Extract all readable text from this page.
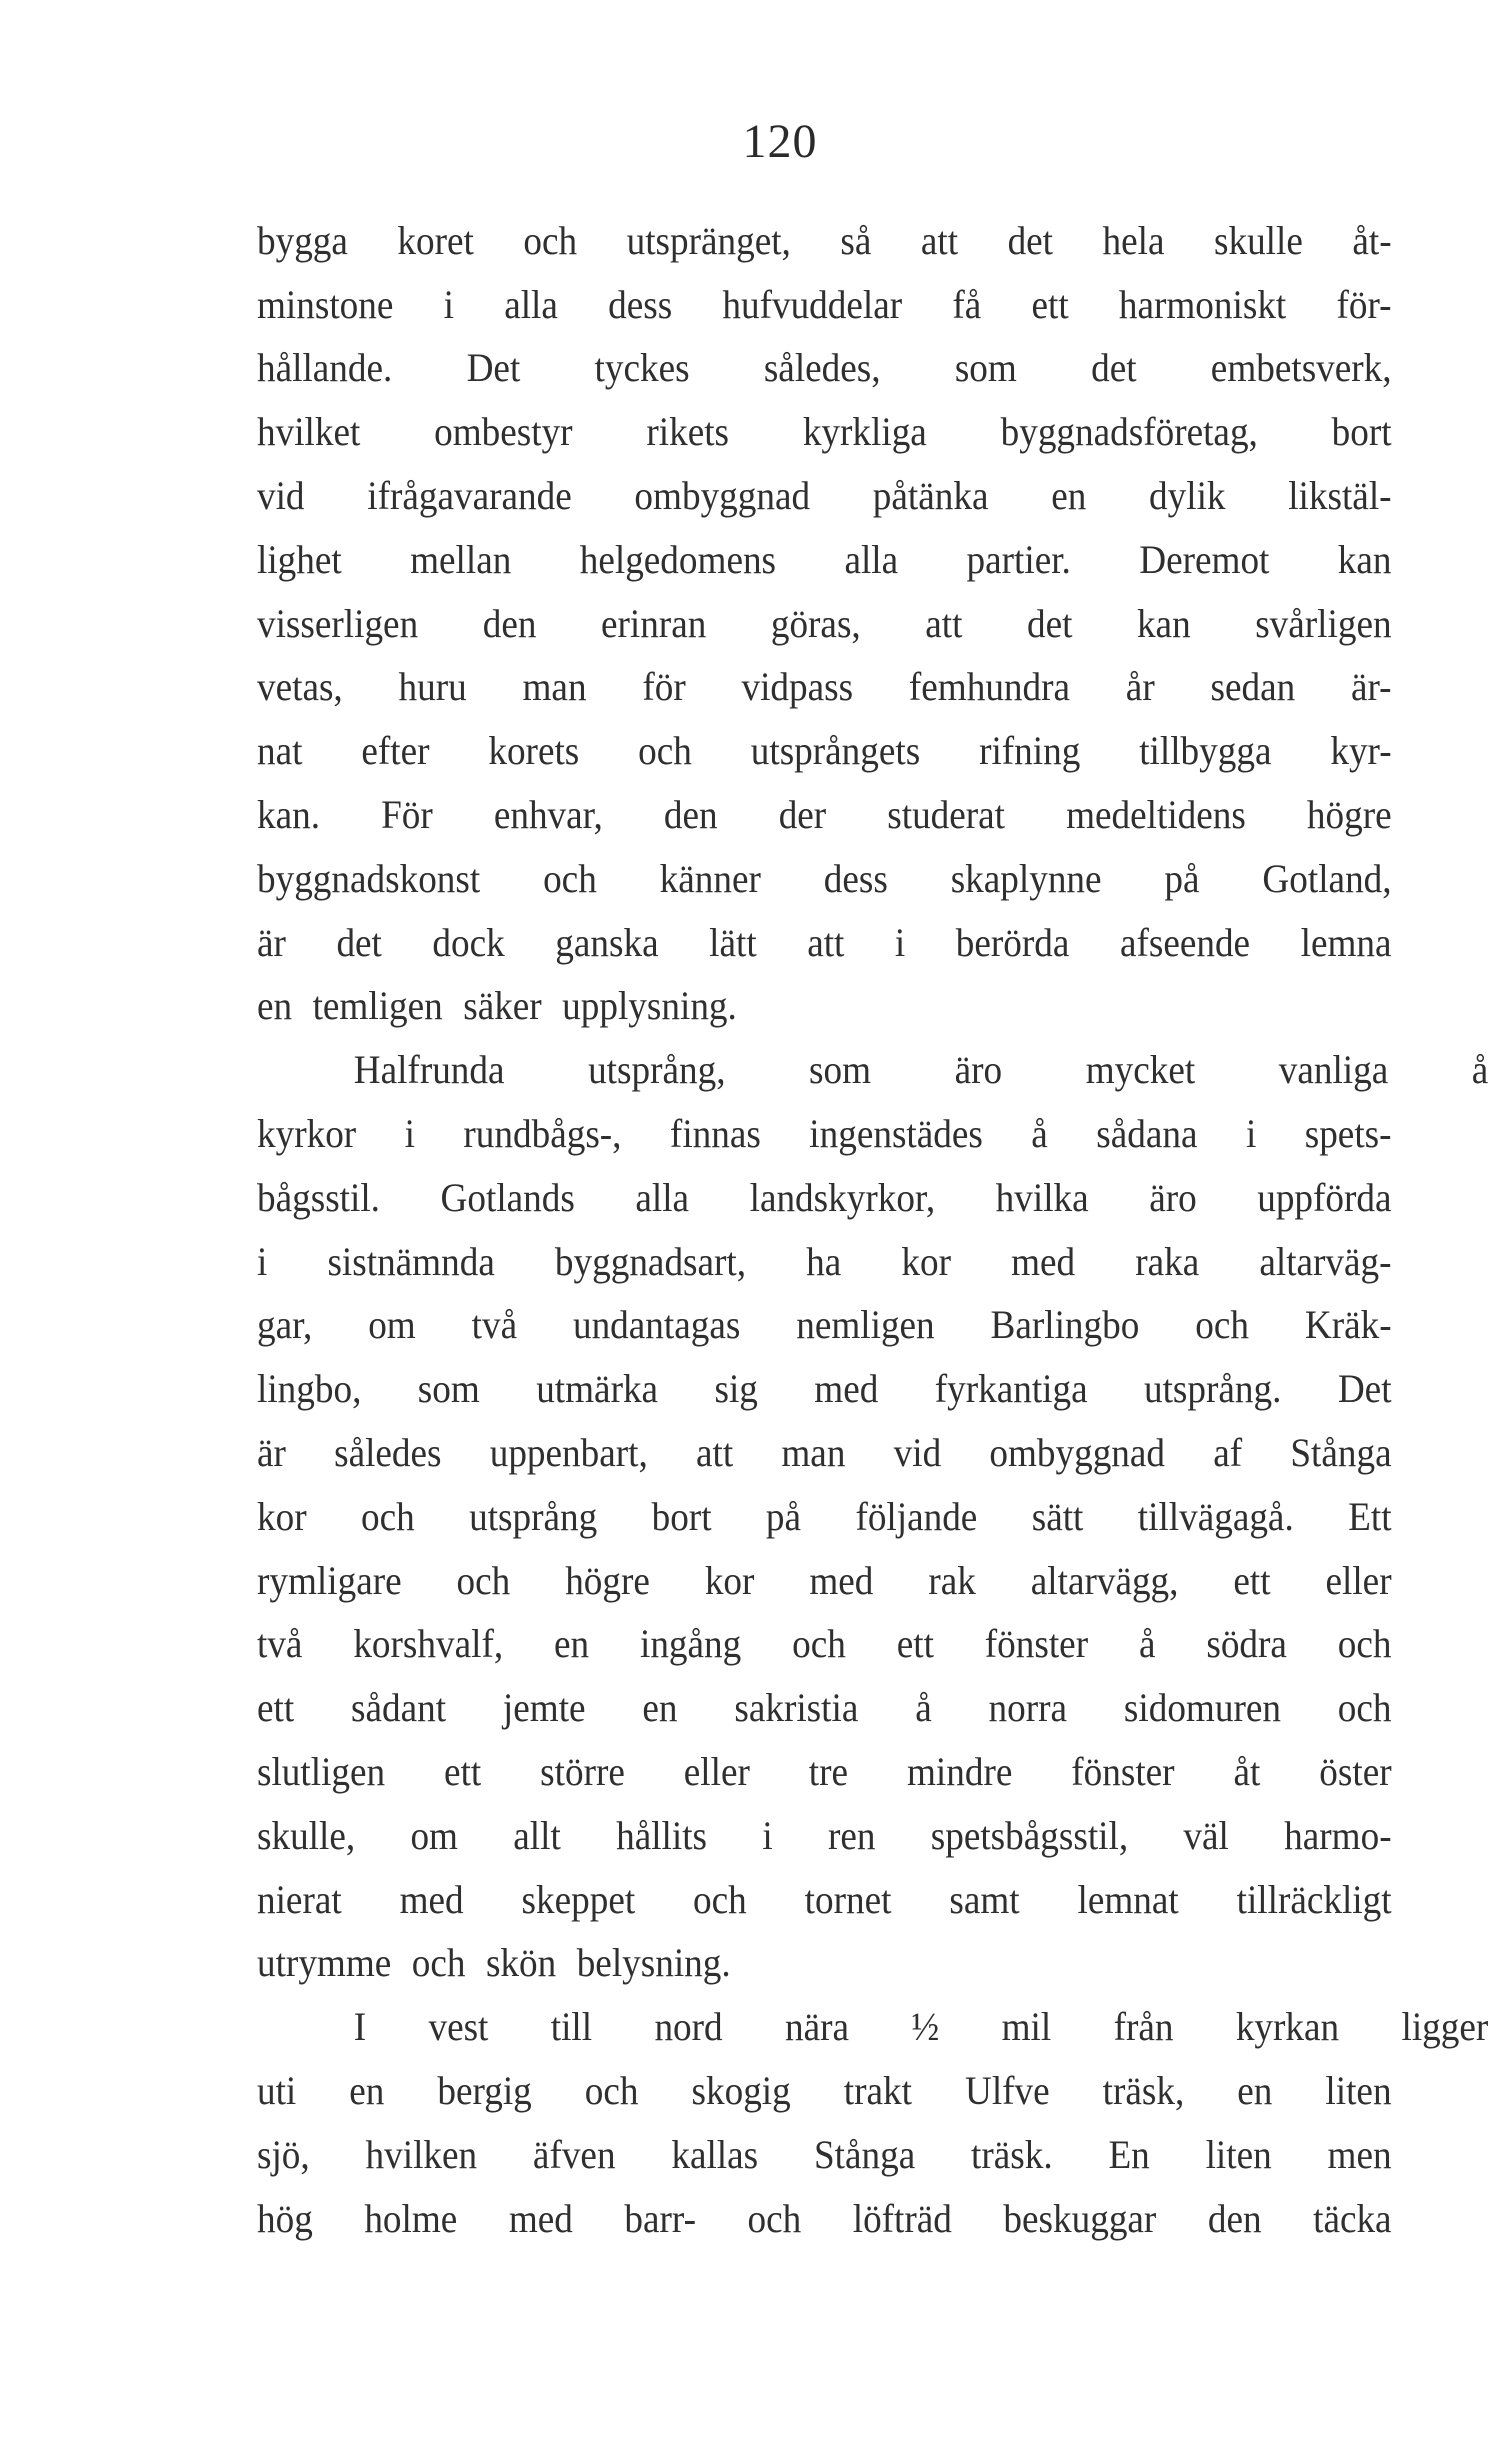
120
bygga koret och utspränget, så att det hela skulle åt-
minstone i alla dess hufvuddelar få ett harmoniskt för-
hållande. Det tyckes således, som det embetsverk,
hvilket ombestyr rikets kyrkliga byggnadsföretag, bort
vid ifrågavarande ombyggnad påtänka en dylik likstäl-
lighet mellan helgedomens alla partier. Deremot kan
visserligen den erinran göras, att det kan svårligen
vetas, huru man för vidpass femhundra år sedan är-
nat efter korets och utsprångets rifning tillbygga kyr-
kan. För enhvar, den der studerat medeltidens högre
byggnadskonst och känner dess skaplynne på Gotland,
är det dock ganska lätt att i berörda afseende lemna
en temligen säker upplysning.
Halfrunda utsprång, som äro mycket vanliga å
kyrkor i rundbågs-, finnas ingenstädes å sådana i spets-
bågsstil. Gotlands alla landskyrkor, hvilka äro uppförda
i sistnämnda byggnadsart, ha kor med raka altarväg-
gar, om två undantagas nemligen Barlingbo och Kräk-
lingbo, som utmärka sig med fyrkantiga utsprång. Det
är således uppenbart, att man vid ombyggnad af Stånga
kor och utsprång bort på följande sätt tillvägagå. Ett
rymligare och högre kor med rak altarvägg, ett eller
två korshvalf, en ingång och ett fönster å södra och
ett sådant jemte en sakristia å norra sidomuren och
slutligen ett större eller tre mindre fönster åt öster
skulle, om allt hållits i ren spetsbågsstil, väl harmo-
nierat med skeppet och tornet samt lemnat tillräckligt
utrymme och skön belysning.
I vest till nord nära ½ mil från kyrkan ligger
uti en bergig och skogig trakt Ulfve träsk, en liten
sjö, hvilken äfven kallas Stånga träsk. En liten men
hög holme med barr- och löfträd beskuggar den täcka
